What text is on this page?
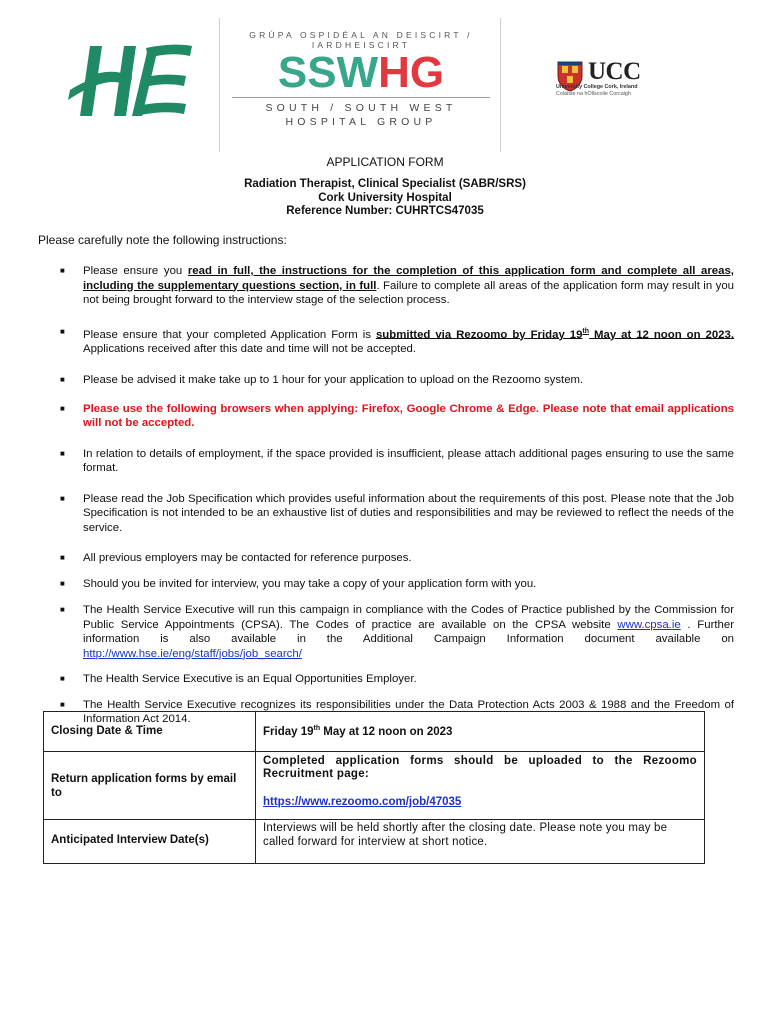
GRÚPA OSPIDÉAL AN DEISCIRT / IARDHEISCIRT
SSWHG
SOUTH / SOUTH WEST
HOSPITAL GROUP
UCC
University College Cork, Ireland
Coláiste na hOllscoile Corcaigh
APPLICATION FORM
Radiation Therapist, Clinical Specialist (SABR/SRS)
Cork University Hospital
Reference Number: CUHRTCS47035
Please carefully note the following instructions:
■ Please ensure you read in full, the instructions for the completion of this application form and complete all areas, including the supplementary questions section, in full. Failure to complete all areas of the application form may result in you not being brought forward to the interview stage of the selection process.
■ Please ensure that your completed Application Form is submitted via Rezoomo by Friday 19th May at 12 noon on 2023. Applications received after this date and time will not be accepted.
■ Please be advised it make take up to 1 hour for your application to upload on the Rezoomo system.
■ Please use the following browsers when applying: Firefox, Google Chrome & Edge. Please note that email applications will not be accepted.
■ In relation to details of employment, if the space provided is insufficient, please attach additional pages ensuring to use the same format.
■ Please read the Job Specification which provides useful information about the requirements of this post. Please note that the Job Specification is not intended to be an exhaustive list of duties and responsibilities and may be reviewed to reflect the needs of the service.
■ All previous employers may be contacted for reference purposes.
■ Should you be invited for interview, you may take a copy of your application form with you.
■ The Health Service Executive will run this campaign in compliance with the Codes of Practice published by the Commission for Public Service Appointments (CPSA). The Codes of practice are available on the CPSA website www.cpsa.ie . Further information is also available in the Additional Campaign Information document available on http://www.hse.ie/eng/staff/jobs/job_search/
■ The Health Service Executive is an Equal Opportunities Employer.
■ The Health Service Executive recognizes its responsibilities under the Data Protection Acts 2003 & 1988 and the Freedom of Information Act 2014.
Closing Date & Time	Friday 19th May at 12 noon on 2023
Return application forms by email to	Completed application forms should be uploaded to the Rezoomo Recruitment page:
https://www.rezoomo.com/job/47035
Anticipated Interview Date(s)	Interviews will be held shortly after the closing date. Please note you may be called forward for interview at short notice.
